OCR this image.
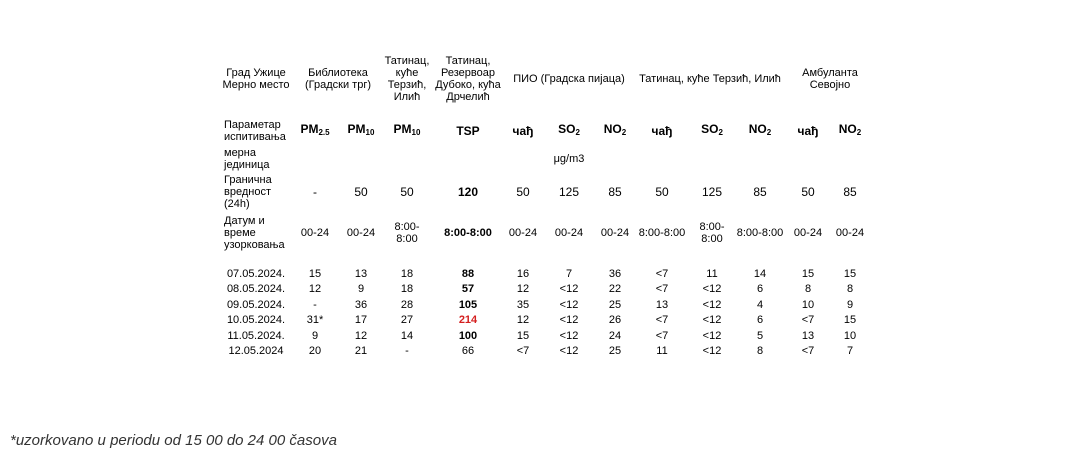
Град Ужице Мерно место	Библиотека (Градски трг)		Татинац, куће Терзић, Илић	Татинац, Резервоар Дубоко, кућа Дрчелић	ПИО (Градска пијаца)			Татинац, куће Терзић, Илић			Амбуланта Севојно	
Параметар испитивања	$PM_{2.5}$	$PM_{10}$	$PM_{10}$	TSP	чађ	$SO_2$	$NO_2$	чађ	$SO_2$	$NO_2$	чађ	$NO_2$
мерна јединица					μg/m3							
Гранична вредност (24h)	-	50	50	120	50	125	85	50	125	85	50	85
Датум и време узорковања	00-24	00-24	8:00-8:00	8:00-8:00	00-24	00-24	00-24	8:00-8:00	8:00-8:00	8:00-8:00	00-24	00-24

07.05.2024.	15	13	18	88	16	7	36	<7	11	14	15	15
08.05.2024.	12	9	18	57	12	<12	22	<7	<12	6	8	8
09.05.2024.	-	36	28	105	35	<12	25	13	<12	4	10	9
10.05.2024.	31*	17	27	214	12	<12	26	<7	<12	6	<7	15
11.05.2024.	9	12	14	100	15	<12	24	<7	<12	5	13	10
12.05.2024	20	21	-	66	<7	<12	25	11	<12	8	<7	7
*uzorkovano u periodu od 15 00 do 24 00 časova
